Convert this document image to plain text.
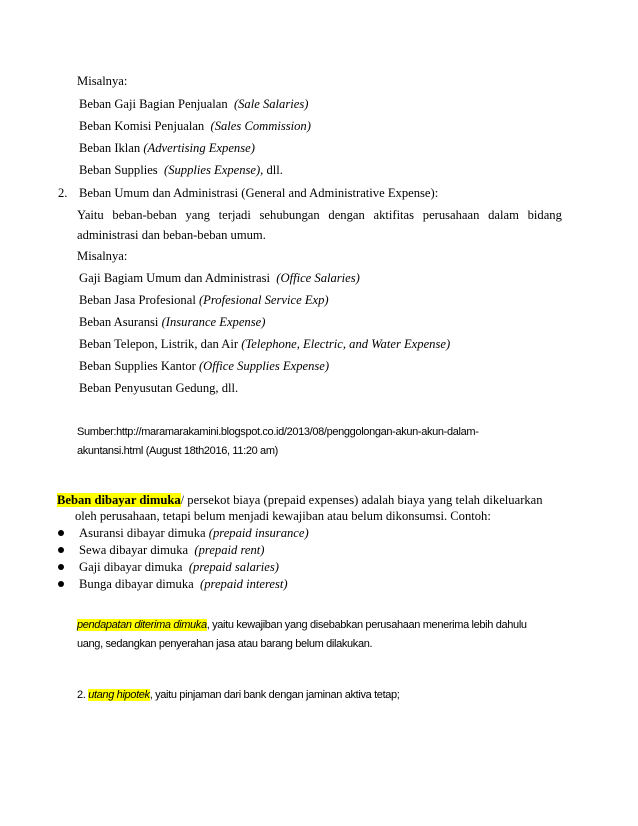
Misalnya:
Beban Gaji Bagian Penjualan (Sale Salaries)
Beban Komisi Penjualan (Sales Commission)
Beban Iklan (Advertising Expense)
Beban Supplies (Supplies Expense), dll.
2. Beban Umum dan Administrasi (General and Administrative Expense):
Yaitu beban-beban yang terjadi sehubungan dengan aktifitas perusahaan dalam bidang
administrasi dan beban-beban umum.
Misalnya:
Gaji Bagiam Umum dan Administrasi (Office Salaries)
Beban Jasa Profesional (Profesional Service Exp)
Beban Asuransi (Insurance Expense)
Beban Telepon, Listrik, dan Air (Telephone, Electric, and Water Expense)
Beban Supplies Kantor (Office Supplies Expense)
Beban Penyusutan Gedung, dll.
Sumber:http://maramarakamini.blogspot.co.id/2013/08/penggolongan-akun-akun-dalam-
akuntansi.html (August 18th2016, 11:20 am)
Beban dibayar dimuka/ persekot biaya (prepaid expenses) adalah biaya yang telah dikeluarkan
oleh perusahaan, tetapi belum menjadi kewajiban atau belum dikonsumsi. Contoh:
Asuransi dibayar dimuka (prepaid insurance)
Sewa dibayar dimuka (prepaid rent)
Gaji dibayar dimuka (prepaid salaries)
Bunga dibayar dimuka (prepaid interest)
pendapatan diterima dimuka, yaitu kewajiban yang disebabkan perusahaan menerima lebih dahulu
uang, sedangkan penyerahan jasa atau barang belum dilakukan.
2. utang hipotek, yaitu pinjaman dari bank dengan jaminan aktiva tetap;
